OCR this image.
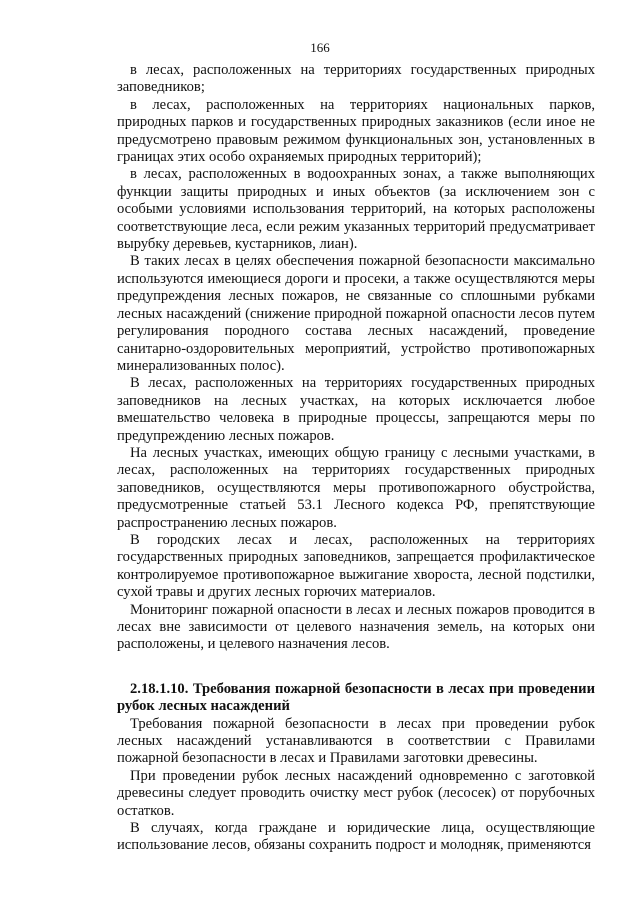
166

в лесах, расположенных на территориях государственных природных заповедников;

в лесах, расположенных на территориях национальных парков, природных парков и государственных природных заказников (если иное не предусмотрено правовым режимом функциональных зон, установленных в границах этих особо охраняемых природных территорий);

в лесах, расположенных в водоохранных зонах, а также выполняющих функции защиты природных и иных объектов (за исключением зон с особыми условиями использования территорий, на которых расположены соответствующие леса, если режим указанных территорий предусматривает вырубку деревьев, кустарников, лиан).

В таких лесах в целях обеспечения пожарной безопасности максимально используются имеющиеся дороги и просеки, а также осуществляются меры предупреждения лесных пожаров, не связанные со сплошными рубками лесных насаждений (снижение природной пожарной опасности лесов путем регулирования породного состава лесных насаждений, проведение санитарно-оздоровительных мероприятий, устройство противопожарных минерализованных полос).

В лесах, расположенных на территориях государственных природных заповедников на лесных участках, на которых исключается любое вмешательство человека в природные процессы, запрещаются меры по предупреждению лесных пожаров.

На лесных участках, имеющих общую границу с лесными участками, в лесах, расположенных на территориях государственных природных заповедников, осуществляются меры противопожарного обустройства, предусмотренные статьей 53.1 Лесного кодекса РФ, препятствующие распространению лесных пожаров.

В городских лесах и лесах, расположенных на территориях государственных природных заповедников, запрещается профилактическое контролируемое противопожарное выжигание хвороста, лесной подстилки, сухой травы и других лесных горючих материалов.

Мониторинг пожарной опасности в лесах и лесных пожаров проводится в лесах вне зависимости от целевого назначения земель, на которых они расположены, и целевого назначения лесов.

2.18.1.10. Требования пожарной безопасности в лесах при проведении рубок лесных насаждений

Требования пожарной безопасности в лесах при проведении рубок лесных насаждений устанавливаются в соответствии с Правилами пожарной безопасности в лесах и Правилами заготовки древесины.

При проведении рубок лесных насаждений одновременно с заготовкой древесины следует проводить очистку мест рубок (лесосек) от порубочных остатков.

В случаях, когда граждане и юридические лица, осуществляющие использование лесов, обязаны сохранить подрост и молодняк, применяются
